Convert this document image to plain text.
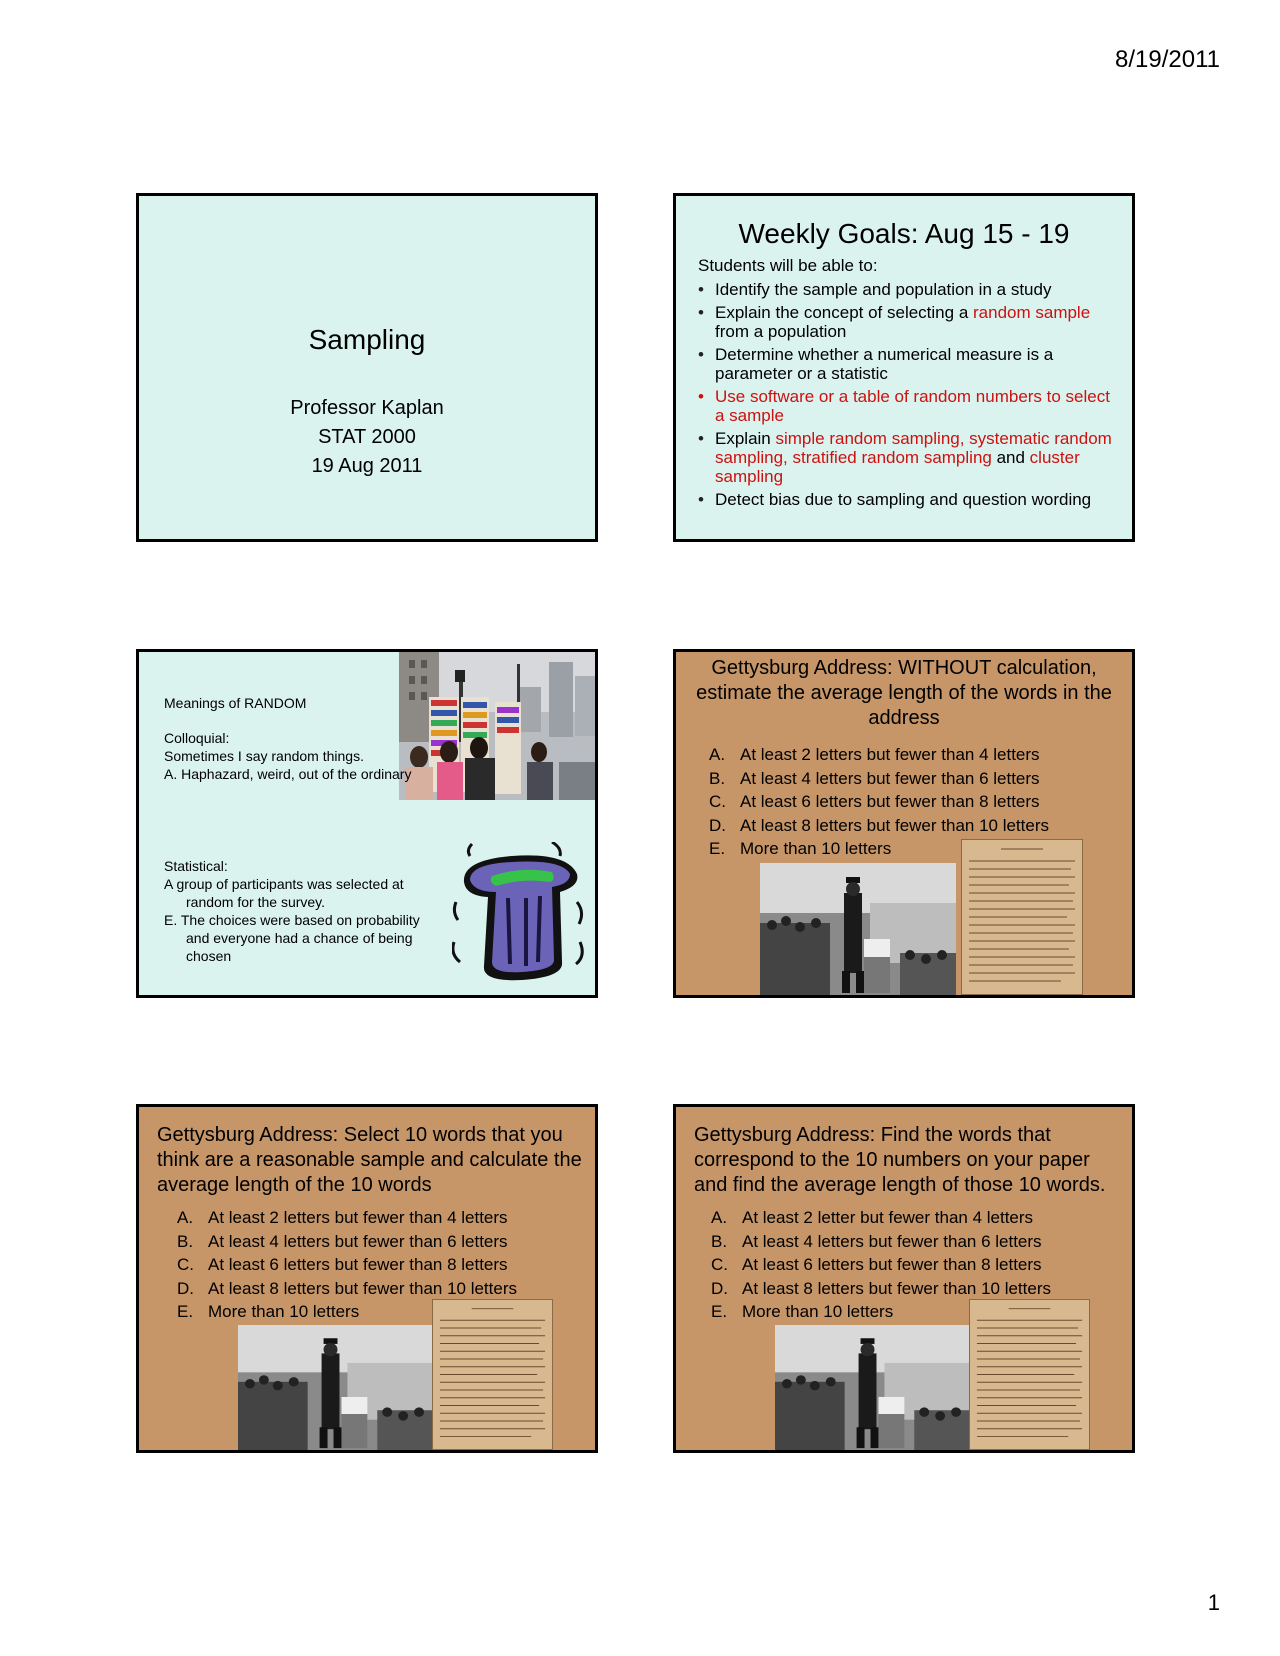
8/19/2011
Sampling
Professor Kaplan
STAT 2000
19 Aug 2011
Weekly Goals: Aug 15 - 19
Students will be able to:
• Identify the sample and population in a study
• Explain the concept of selecting a random sample from a population
• Determine whether a numerical measure is a parameter or a statistic
• Use software or a table of random numbers to select a sample
• Explain simple random sampling, systematic random sampling, stratified random sampling and cluster sampling
• Detect bias due to sampling and question wording
Meanings of RANDOM

Colloquial:

Sometimes I say random things.

A. Haphazard, weird, out of the ordinary

Statistical:

A group of participants was selected at random for the survey.

E. The choices were based on probability and everyone had a chance of being chosen

Gettysburg Address: WITHOUT calculation, estimate the average length of the words in the address
A. At least 2 letters but fewer than 4 letters
B. At least 4 letters but fewer than 6 letters
C. At least 6 letters but fewer than 8 letters
D. At least 8 letters but fewer than 10 letters
E. More than 10 letters
Gettysburg Address: Select 10 words that you think are a reasonable sample and calculate the average length of the 10 words
A. At least 2 letters but fewer than 4 letters
B. At least 4 letters but fewer than 6 letters
C. At least 6 letters but fewer than 8 letters
D. At least 8 letters but fewer than 10 letters
E. More than 10 letters
Gettysburg Address: Find the words that correspond to the 10 numbers on your paper and find the average length of those 10 words.
A. At least 2 letter but fewer than 4 letters
B. At least 4 letters but fewer than 6 letters
C. At least 6 letters but fewer than 8 letters
D. At least 8 letters but fewer than 10 letters
E. More than 10 letters
1
